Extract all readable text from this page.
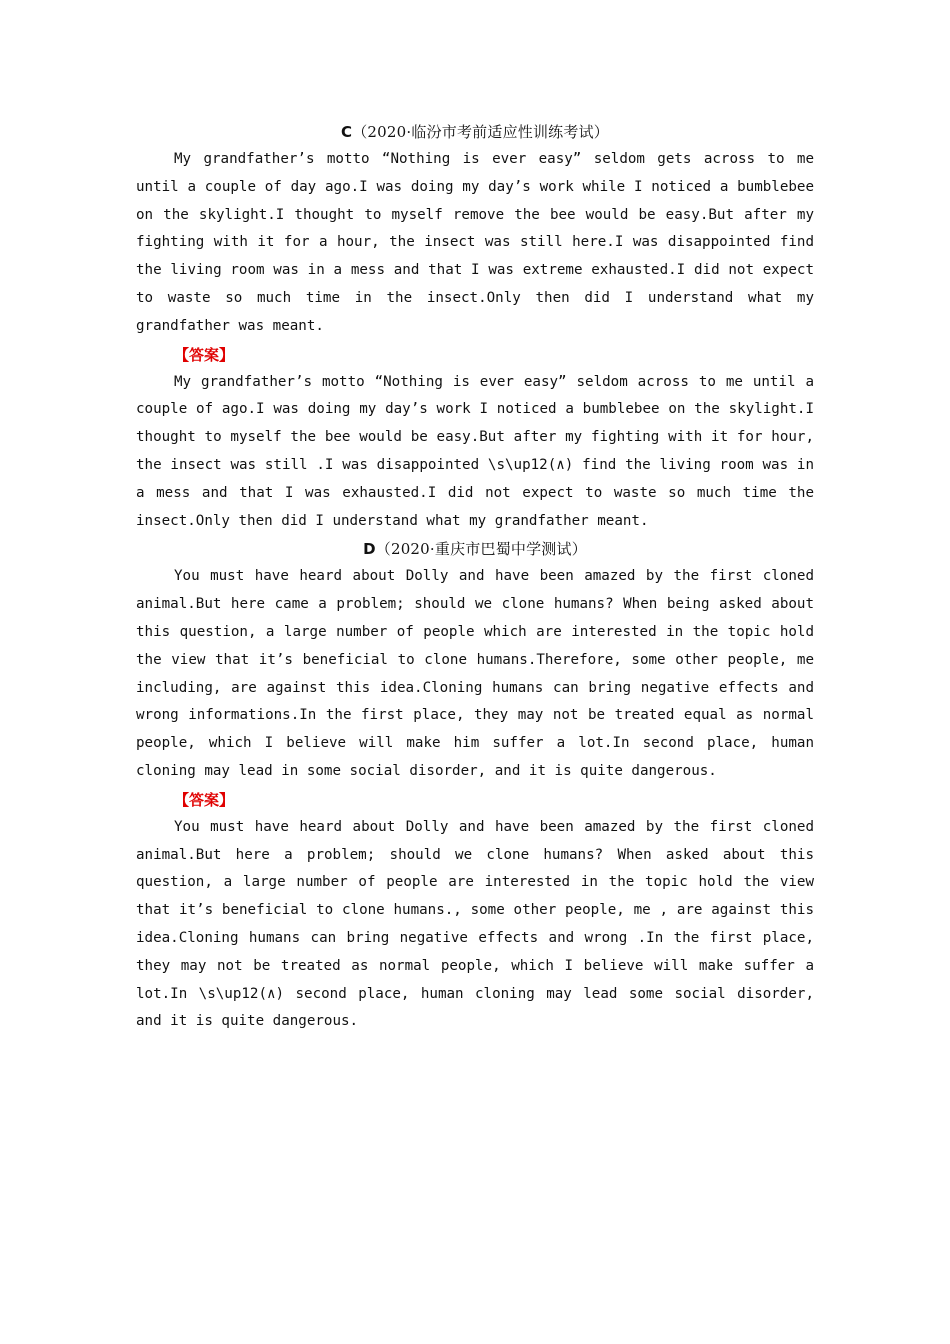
C（2020·临汾市考前适应性训练考试）

My grandfather’s motto “Nothing is ever easy” seldom gets across to me until a couple of day ago.I was doing my day’s work while I noticed a bumblebee on the skylight.I thought to myself remove the bee would be easy.But after my fighting with it for a hour, the insect was still here.I was disappointed find the living room was in a mess and that I was extreme exhausted.I did not expect to waste so much time in the insect.Only then did I understand what my grandfather was meant.

【答案】

My grandfather’s motto “Nothing is ever easy” seldom across to me until a couple of ago.I was doing my day’s work I noticed a bumblebee on the skylight.I thought to myself the bee would be easy.But after my fighting with it for hour, the insect was still .I was disappointed \s\up12(∧) find the living room was in a mess and that I was exhausted.I did not expect to waste so much time the insect.Only then did I understand what my grandfather meant.

D（2020·重庆市巴蜀中学测试）

You must have heard about Dolly and have been amazed by the first cloned animal.But here came a problem; should we clone humans? When being asked about this question, a large number of people which are interested in the topic hold the view that it’s beneficial to clone humans.Therefore, some other people, me including, are against this idea.Cloning humans can bring negative effects and wrong informations.In the first place, they may not be treated equal as normal people, which I believe will make him suffer a lot.In second place, human cloning may lead in some social disorder, and it is quite dangerous.

【答案】

You must have heard about Dolly and have been amazed by the first cloned animal.But here a problem; should we clone humans? When asked about this question, a large number of people are interested in the topic hold the view that it’s beneficial to clone humans., some other people, me , are against this idea.Cloning humans can bring negative effects and wrong .In the first place, they may not be treated as normal people, which I believe will make suffer a lot.In \s\up12(∧) second place, human cloning may lead some social disorder, and it is quite dangerous.
